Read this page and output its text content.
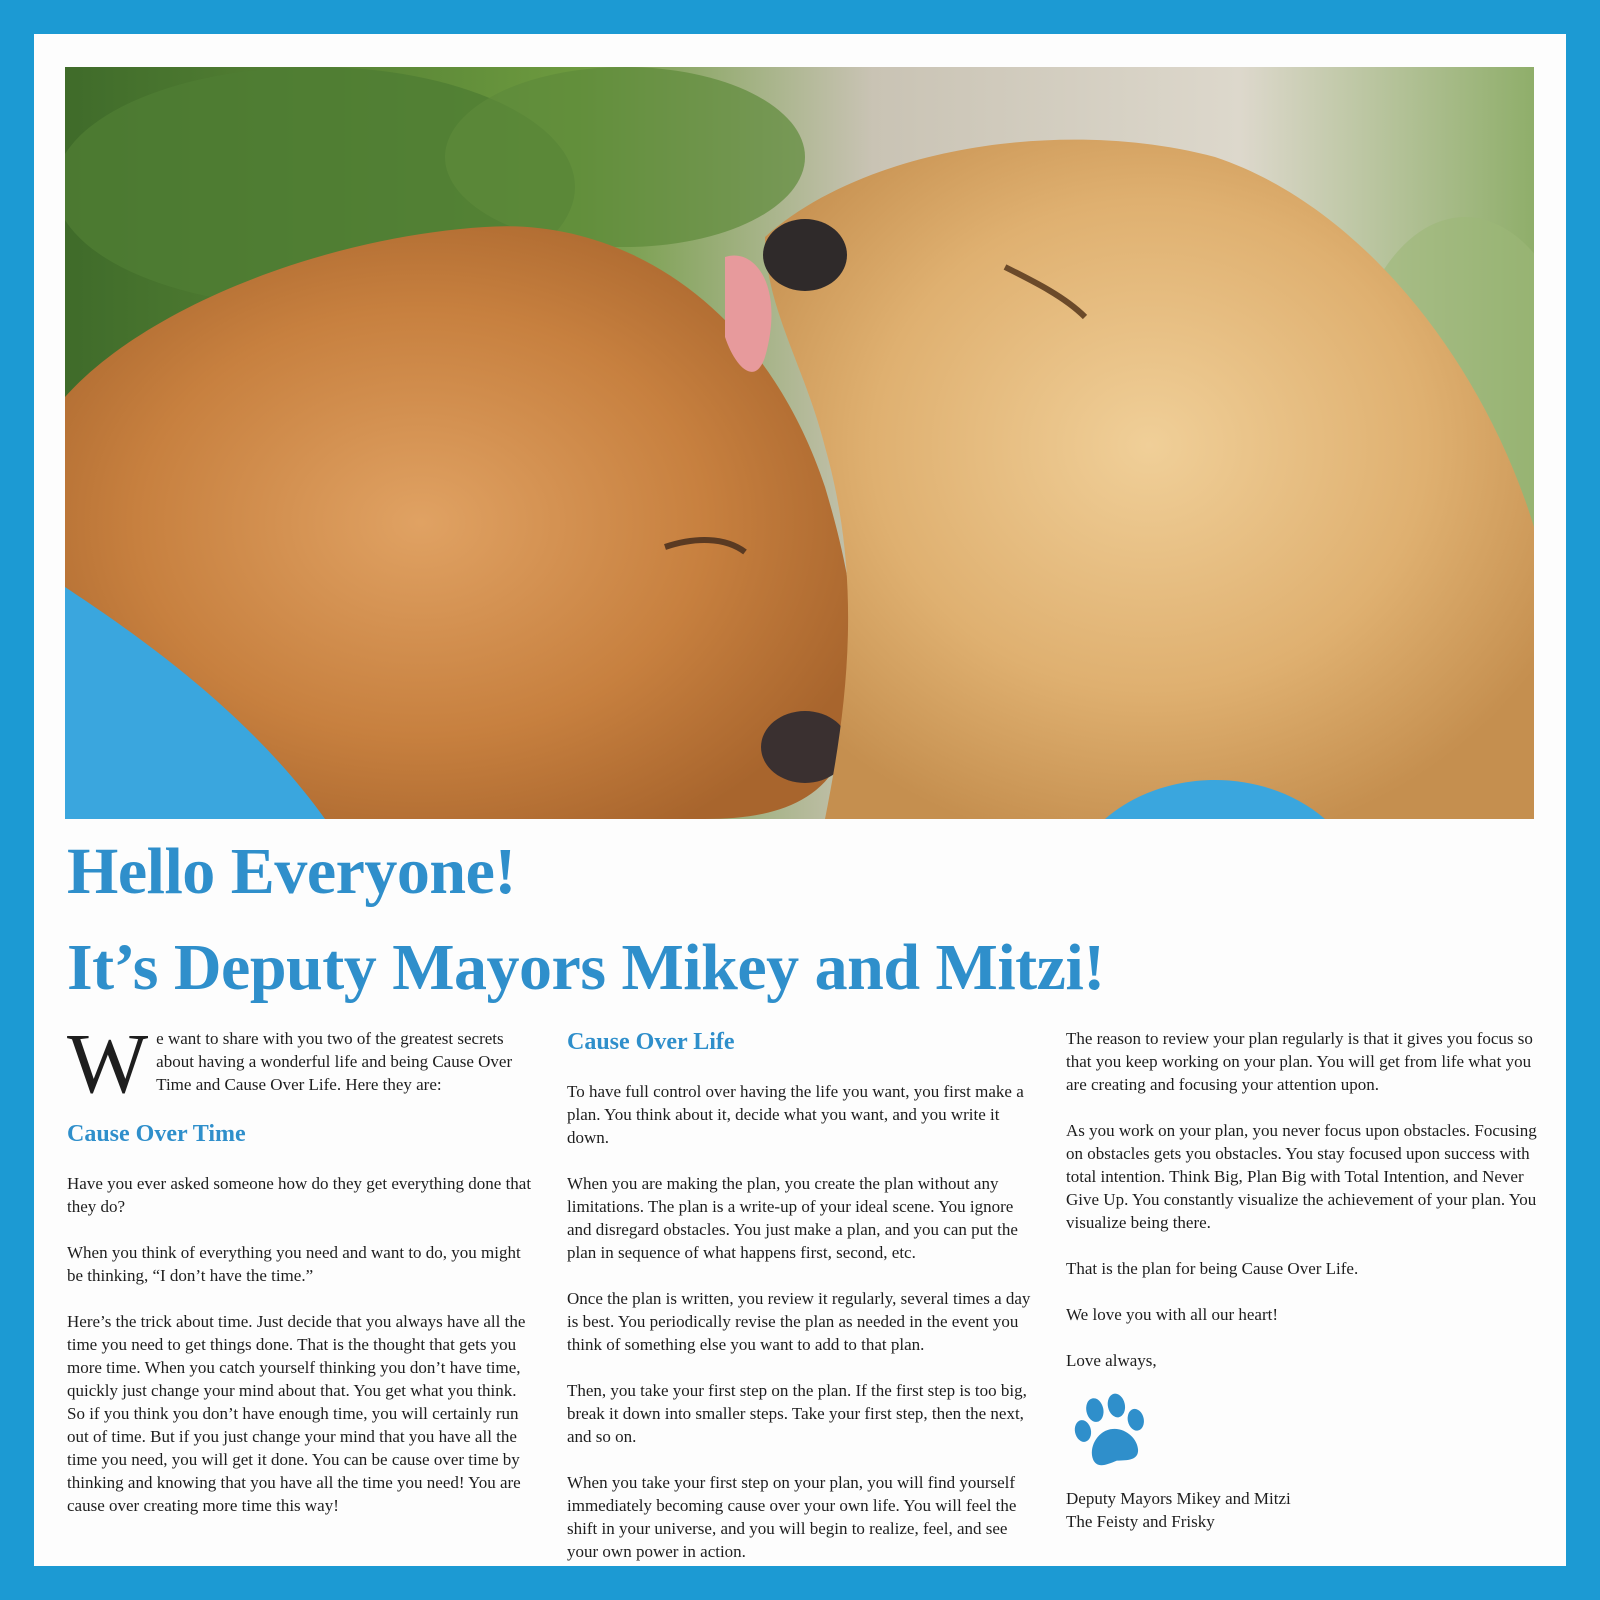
Hello Everyone!
It’s Deputy Mayors Mikey and Mitzi!

We want to share with you two of the greatest secrets about having a wonderful life and being Cause Over Time and Cause Over Life. Here they are:

Cause Over Time

Have you ever asked someone how do they get everything done that they do?

When you think of everything you need and want to do, you might be thinking, “I don’t have the time.”

Here’s the trick about time. Just decide that you always have all the time you need to get things done. That is the thought that gets you more time. When you catch yourself thinking you don’t have time, quickly just change your mind about that. You get what you think. So if you think you don’t have enough time, you will certainly run out of time. But if you just change your mind that you have all the time you need, you will get it done. You can be cause over time by thinking and knowing that you have all the time you need! You are cause over creating more time this way!

Cause Over Life

To have full control over having the life you want, you first make a plan. You think about it, decide what you want, and you write it down.

When you are making the plan, you create the plan without any limitations. The plan is a write-up of your ideal scene. You ignore and disregard obstacles. You just make a plan, and you can put the plan in sequence of what happens first, second, etc.

Once the plan is written, you review it regularly, several times a day is best. You periodically revise the plan as needed in the event you think of something else you want to add to that plan.

Then, you take your first step on the plan. If the first step is too big, break it down into smaller steps. Take your first step, then the next, and so on.

When you take your first step on your plan, you will find yourself immediately becoming cause over your own life. You will feel the shift in your universe, and you will begin to realize, feel, and see your own power in action.

The reason to review your plan regularly is that it gives you focus so that you keep working on your plan. You will get from life what you are creating and focusing your attention upon.

As you work on your plan, you never focus upon obstacles. Focusing on obstacles gets you obstacles. You stay focused upon success with total intention. Think Big, Plan Big with Total Intention, and Never Give Up. You constantly visualize the achievement of your plan. You visualize being there.

That is the plan for being Cause Over Life.

We love you with all our heart!

Love always,

Deputy Mayors Mikey and Mitzi

The Feisty and Frisky
